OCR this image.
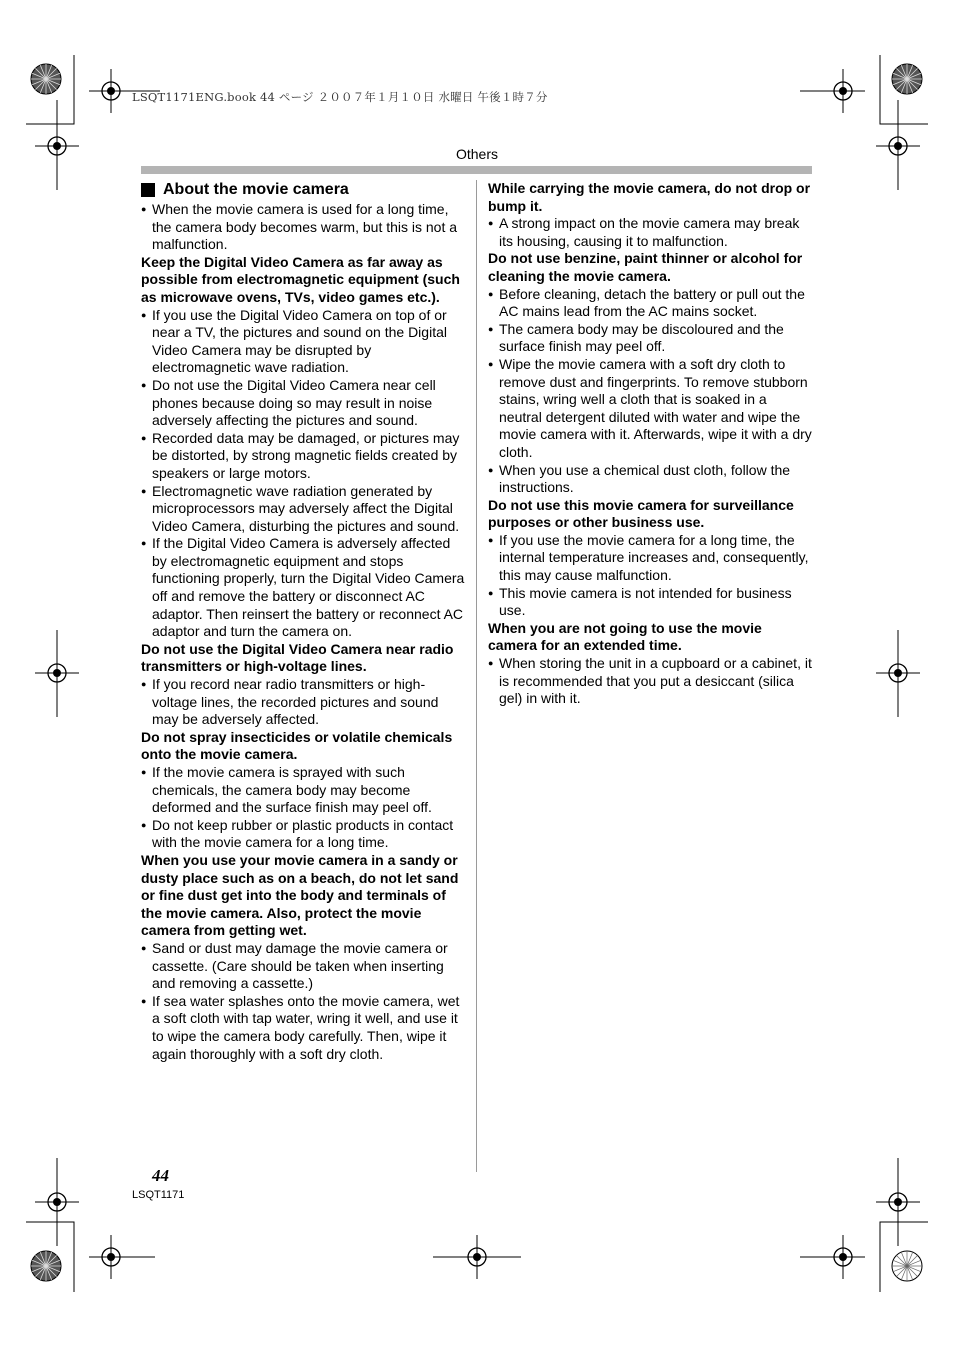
LSQT1171ENG.book 44 ページ ２００７年１月１０日 水曜日 午後１時７分
Others
About the movie camera
● When the movie camera is used for a long time, the camera body becomes warm, but this is not a malfunction.
Keep the Digital Video Camera as far away as possible from electromagnetic equipment (such as microwave ovens, TVs, video games etc.).
● If you use the Digital Video Camera on top of or near a TV, the pictures and sound on the Digital Video Camera may be disrupted by electromagnetic wave radiation.
● Do not use the Digital Video Camera near cell phones because doing so may result in noise adversely affecting the pictures and sound.
● Recorded data may be damaged, or pictures may be distorted, by strong magnetic fields created by speakers or large motors.
● Electromagnetic wave radiation generated by microprocessors may adversely affect the Digital Video Camera, disturbing the pictures and sound.
● If the Digital Video Camera is adversely affected by electromagnetic equipment and stops functioning properly, turn the Digital Video Camera off and remove the battery or disconnect AC adaptor. Then reinsert the battery or reconnect AC adaptor and turn the camera on.
Do not use the Digital Video Camera near radio transmitters or high-voltage lines.
● If you record near radio transmitters or high-voltage lines, the recorded pictures and sound may be adversely affected.
Do not spray insecticides or volatile chemicals onto the movie camera.
● If the movie camera is sprayed with such chemicals, the camera body may become deformed and the surface finish may peel off.
● Do not keep rubber or plastic products in contact with the movie camera for a long time.
When you use your movie camera in a sandy or dusty place such as on a beach, do not let sand or fine dust get into the body and terminals of the movie camera. Also, protect the movie camera from getting wet.
● Sand or dust may damage the movie camera or cassette. (Care should be taken when inserting and removing a cassette.)
● If sea water splashes onto the movie camera, wet a soft cloth with tap water, wring it well, and use it to wipe the camera body carefully. Then, wipe it again thoroughly with a soft dry cloth.
While carrying the movie camera, do not drop or bump it.
● A strong impact on the movie camera may break its housing, causing it to malfunction.
Do not use benzine, paint thinner or alcohol for cleaning the movie camera.
● Before cleaning, detach the battery or pull out the AC mains lead from the AC mains socket.
● The camera body may be discoloured and the surface finish may peel off.
● Wipe the movie camera with a soft dry cloth to remove dust and fingerprints. To remove stubborn stains, wring well a cloth that is soaked in a neutral detergent diluted with water and wipe the movie camera with it. Afterwards, wipe it with a dry cloth.
● When you use a chemical dust cloth, follow the instructions.
Do not use this movie camera for surveillance purposes or other business use.
● If you use the movie camera for a long time, the internal temperature increases and, consequently, this may cause malfunction.
● This movie camera is not intended for business use.
When you are not going to use the movie camera for an extended time.
● When storing the unit in a cupboard or a cabinet, it is recommended that you put a desiccant (silica gel) in with it.
44
LSQT1171
